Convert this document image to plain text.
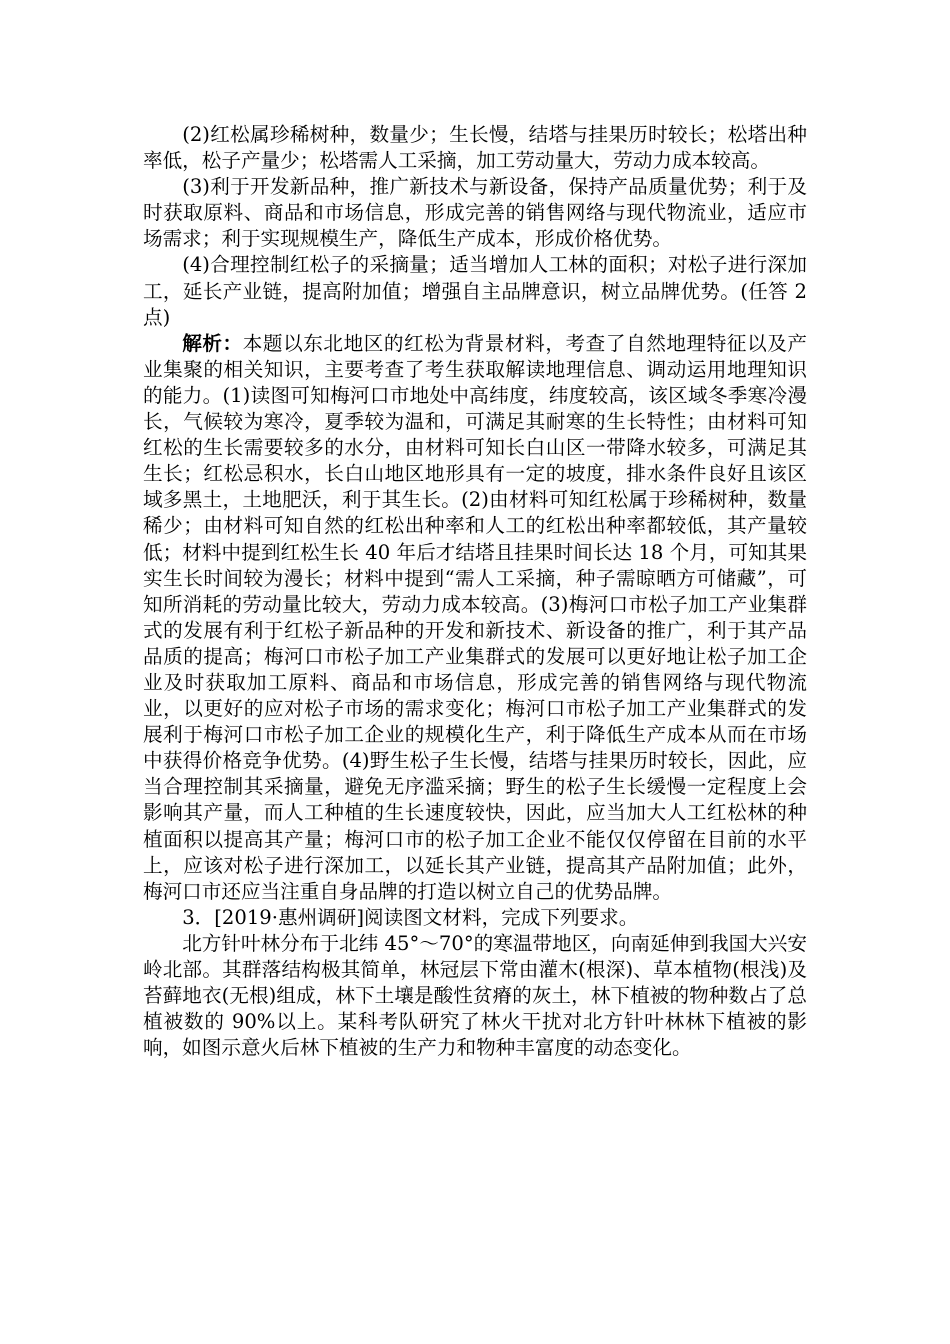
(2)红松属珍稀树种，数量少；生长慢，结塔与挂果历时较长；松塔出种率低，松子产量少；松塔需人工采摘，加工劳动量大，劳动力成本较高。

(3)利于开发新品种，推广新技术与新设备，保持产品质量优势；利于及时获取原料、商品和市场信息，形成完善的销售网络与现代物流业，适应市场需求；利于实现规模生产，降低生产成本，形成价格优势。

(4)合理控制红松子的采摘量；适当增加人工林的面积；对松子进行深加工，延长产业链，提高附加值；增强自主品牌意识，树立品牌优势。(任答 2 点)

解析：本题以东北地区的红松为背景材料，考查了自然地理特征以及产业集聚的相关知识，主要考查了考生获取解读地理信息、调动运用地理知识的能力。(1)读图可知梅河口市地处中高纬度，纬度较高，该区域冬季寒冷漫长，气候较为寒冷，夏季较为温和，可满足其耐寒的生长特性；由材料可知红松的生长需要较多的水分，由材料可知长白山区一带降水较多，可满足其生长；红松忌积水，长白山地区地形具有一定的坡度，排水条件良好且该区域多黑土，土地肥沃，利于其生长。(2)由材料可知红松属于珍稀树种，数量稀少；由材料可知自然的红松出种率和人工的红松出种率都较低，其产量较低；材料中提到红松生长 40 年后才结塔且挂果时间长达 18 个月，可知其果实生长时间较为漫长；材料中提到“需人工采摘，种子需晾晒方可储藏”，可知所消耗的劳动量比较大，劳动力成本较高。(3)梅河口市松子加工产业集群式的发展有利于红松子新品种的开发和新技术、新设备的推广，利于其产品品质的提高；梅河口市松子加工产业集群式的发展可以更好地让松子加工企业及时获取加工原料、商品和市场信息，形成完善的销售网络与现代物流业，以更好的应对松子市场的需求变化；梅河口市松子加工产业集群式的发展利于梅河口市松子加工企业的规模化生产，利于降低生产成本从而在市场中获得价格竞争优势。(4)野生松子生长慢，结塔与挂果历时较长，因此，应当合理控制其采摘量，避免无序滥采摘；野生的松子生长缓慢一定程度上会影响其产量，而人工种植的生长速度较快，因此，应当加大人工红松林的种植面积以提高其产量；梅河口市的松子加工企业不能仅仅停留在目前的水平上，应该对松子进行深加工，以延长其产业链，提高其产品附加值；此外，梅河口市还应当注重自身品牌的打造以树立自己的优势品牌。

3．[2019·惠州调研]阅读图文材料，完成下列要求。

北方针叶林分布于北纬 45°～70°的寒温带地区，向南延伸到我国大兴安岭北部。其群落结构极其简单，林冠层下常由灌木(根深)、草本植物(根浅)及苔藓地衣(无根)组成，林下土壤是酸性贫瘠的灰土，林下植被的物种数占了总植被数的 90%以上。某科考队研究了林火干扰对北方针叶林林下植被的影响，如图示意火后林下植被的生产力和物种丰富度的动态变化。
